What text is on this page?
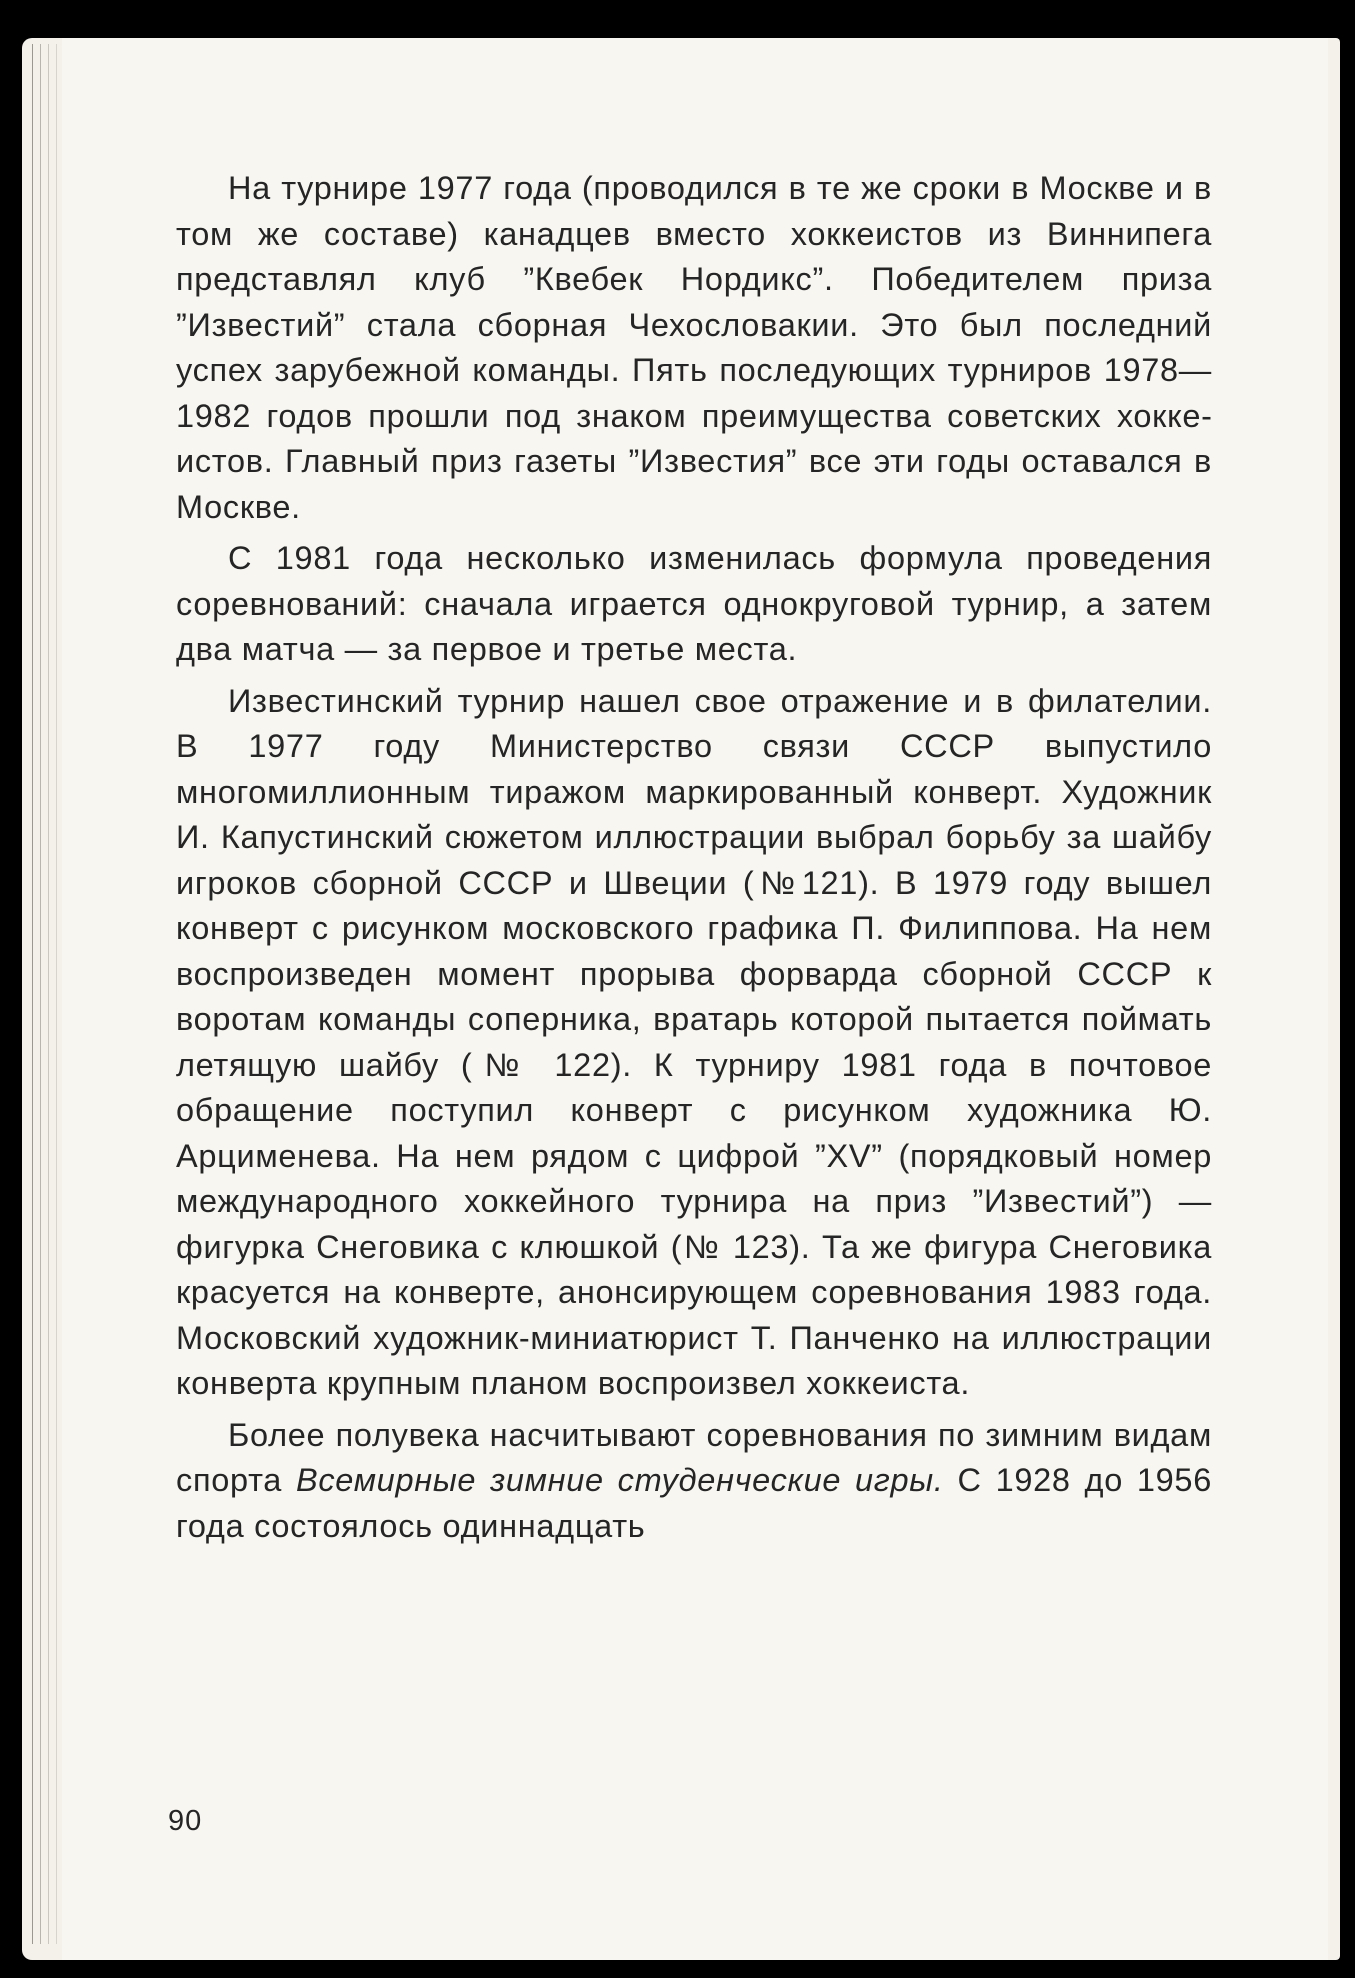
На турнире 1977 года (проводился в те же сроки в Москве и в том же составе) канадцев вместо хоккеистов из Виннипега представлял клуб ”Квебек Нордикс”. Победителем приза ”Известий” стала сборная Чехословакии. Это был последний успех зарубежной команды. Пять последующих турниров 1978—1982 годов прошли под знаком преимущества советских хоккеистов. Главный приз газеты ”Известия” все эти годы оставался в Москве.

С 1981 года несколько изменилась формула проведения соревнований: сначала играется однокруговой турнир, а затем два матча — за первое и третье места.

Известинский турнир нашел свое отражение и в филателии. В 1977 году Министерство связи СССР выпустило многомиллионным тиражом маркированный конверт. Художник И. Капустинский сюжетом иллюстрации выбрал борьбу за шайбу игроков сборной СССР и Швеции (№121). В 1979 году вышел конверт с рисунком московского графика П. Филиппова. На нем воспроизведен момент прорыва форварда сборной СССР к воротам команды соперника, вратарь которой пытается поймать летящую шайбу (№ 122). К турниру 1981 года в почтовое обращение поступил конверт с рисунком художника Ю. Арцименева. На нем рядом с цифрой ”XV” (порядковый номер международного хоккейного турнира на приз ”Известий”) — фигурка Снеговика с клюшкой (№ 123). Та же фигура Снеговика красуется на конверте, анонсирующем соревнования 1983 года. Московский художник-миниатюрист Т. Панченко на иллюстрации конверта крупным планом воспроизвел хоккеиста.

Более полувека насчитывают соревнования по зимним видам спорта Всемирные зимние студенческие игры. С 1928 до 1956 года состоялось одиннадцать

90
